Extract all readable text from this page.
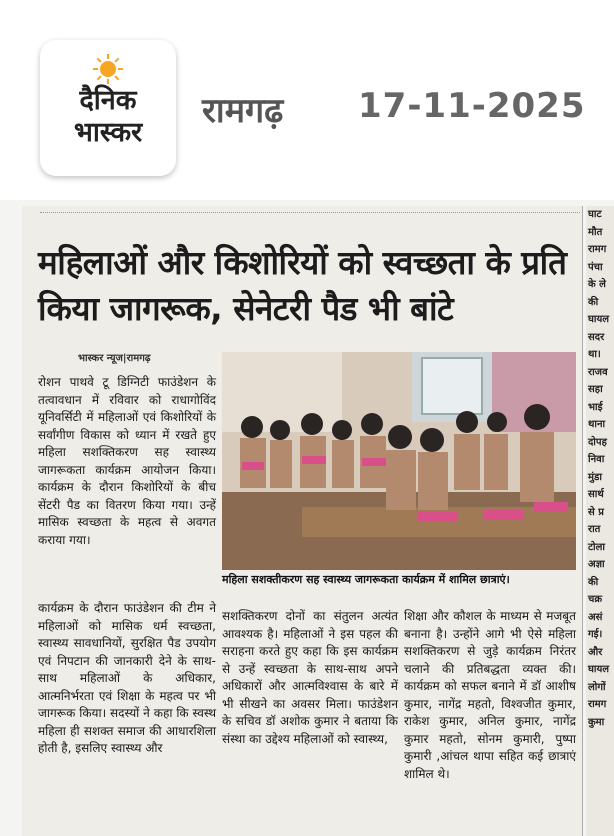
दैनिक
भास्कर
रामगढ़ 17-11-2025
महिलाओं और किशोरियों को स्वच्छता के प्रति किया जागरूक, सेनेटरी पैड भी बांटे
भास्कर न्यूज|रामगढ़
महिला सशक्तीकरण सह स्वास्थ्य जागरूकता कार्यक्रम में शामिल छात्राएं।

रोशन पाथवे टू डिग्निटी फाउंडेशन के तत्वावधान में रविवार को राधागोविंद यूनिवर्सिटी में महिलाओं एवं किशोरियों के सर्वांगीण विकास को ध्यान में रखते हुए महिला सशक्तिकरण सह स्वास्थ्य जागरूकता कार्यक्रम आयोजन किया। कार्यक्रम के दौरान किशोरियों के बीच सेंटरी पैड का वितरण किया गया। उन्हें मासिक स्वच्छता के महत्व से अवगत कराया गया।

कार्यक्रम के दौरान फाउंडेशन की टीम ने महिलाओं को मासिक धर्म स्वच्छता, स्वास्थ्य सावधानियों, सुरक्षित पैड उपयोग एवं निपटान की जानकारी देने के साथ-साथ महिलाओं के अधिकार, आत्मनिर्भरता एवं शिक्षा के महत्व पर भी जागरूक किया। सदस्यों ने कहा कि स्वस्थ महिला ही सशक्त समाज की आधारशिला होती है, इसलिए स्वास्थ्य और

सशक्तिकरण दोनों का संतुलन अत्यंत आवश्यक है। महिलाओं ने इस पहल की सराहना करते हुए कहा कि इस कार्यक्रम से उन्हें स्वच्छता के साथ-साथ अपने अधिकारों और आत्मविश्वास के बारे में भी सीखने का अवसर मिला। फाउंडेशन के सचिव डॉ अशोक कुमार ने बताया कि संस्था का उद्देश्य महिलाओं को स्वास्थ्य,

शिक्षा और कौशल के माध्यम से मजबूत बनाना है। उन्होंने आगे भी ऐसे महिला सशक्तिकरण से जुड़े कार्यक्रम निरंतर चलाने की प्रतिबद्धता व्यक्त की। कार्यक्रम को सफल बनाने में डॉ आशीष कुमार, नागेंद्र महतो, विश्वजीत कुमार, राकेश कुमार, अनिल कुमार, नागेंद्र कुमार महतो, सोनम कुमारी, पुष्पा कुमारी ,आंचल थापा सहित कई छात्राएं शामिल थे।

घाट
मौत
रामग
पंचा
के ले
की
घायल
सदर
था।
राजव
सहा
भाई
थाना
दोपह
निवा
मुंडा
सार्थ
से प्र
रात
टोला
अज्ञा
की
चक्र
असं
गई।
और
घायल
लोगों
रामग
कुमा
